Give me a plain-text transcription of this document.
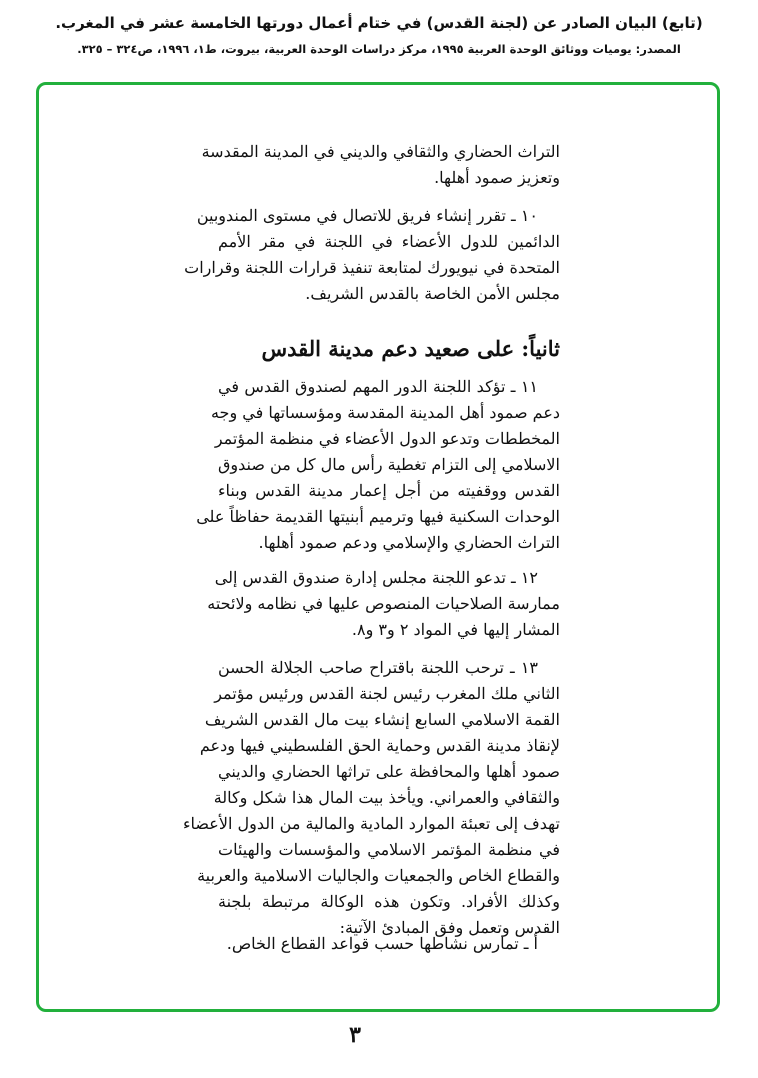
(تابع) البيان الصادر عن (لجنة القدس) في ختام أعمال دورتها الخامسة عشر في المغرب.
المصدر: يوميات ووثائق الوحدة العربية ١٩٩٥، مركز دراسات الوحدة العربية، بيروت، ط١، ١٩٩٦، ص٣٢٤ – ٣٢٥.
التراث الحضاري والثقافي والديني في المدينة المقدسة
وتعزيز صمود أهلها.
١٠ ـ تقرر إنشاء فريق للاتصال في مستوى المندوبين
الدائمين للدول الأعضاء في اللجنة في مقر الأمم
المتحدة في نيويورك لمتابعة تنفيذ قرارات اللجنة وقرارات
مجلس الأمن الخاصة بالقدس الشريف.
١١ ـ تؤكد اللجنة الدور المهم لصندوق القدس في
دعم صمود أهل المدينة المقدسة ومؤسساتها في وجه
المخططات وتدعو الدول الأعضاء في منظمة المؤتمر
الاسلامي إلى التزام تغطية رأس مال كل من صندوق
القدس ووقفيته من أجل إعمار مدينة القدس وبناء
الوحدات السكنية فيها وترميم أبنيتها القديمة حفاظاً على
التراث الحضاري والإسلامي ودعم صمود أهلها.
١٢ ـ تدعو اللجنة مجلس إدارة صندوق القدس إلى
ممارسة الصلاحيات المنصوص عليها في نظامه ولائحته
المشار إليها في المواد ٢ و٣ و٨.
١٣ ـ ترحب اللجنة باقتراح صاحب الجلالة الحسن
الثاني ملك المغرب رئيس لجنة القدس ورئيس مؤتمر
القمة الاسلامي السابع إنشاء بيت مال القدس الشريف
لإنقاذ مدينة القدس وحماية الحق الفلسطيني فيها ودعم
صمود أهلها والمحافظة على تراثها الحضاري والديني
والثقافي والعمراني. ويأخذ بيت المال هذا شكل وكالة
تهدف إلى تعبئة الموارد المادية والمالية من الدول الأعضاء
في منظمة المؤتمر الاسلامي والمؤسسات والهيئات
والقطاع الخاص والجمعيات والجاليات الاسلامية والعربية
وكذلك الأفراد. وتكون هذه الوكالة مرتبطة بلجنة
القدس وتعمل وفق المبادئ الآتية:
أ ـ تمارس نشاطها حسب قواعد القطاع الخاص.
ثانياً: على صعيد دعم مدينة القدس
٣
